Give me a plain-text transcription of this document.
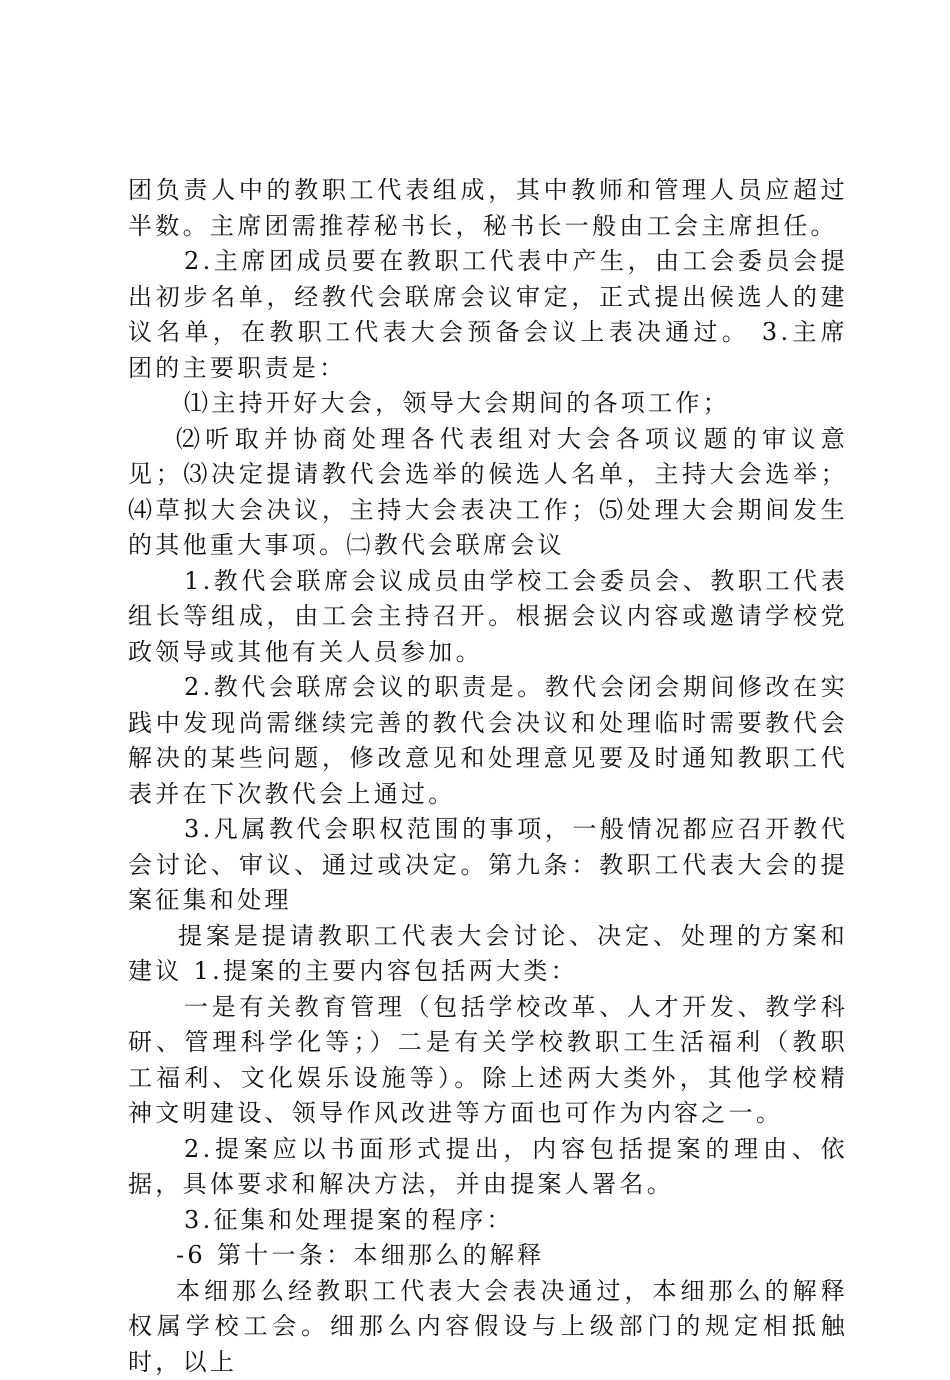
团负责人中的教职工代表组成，其中教师和管理人员应超过半数。主席团需推荐秘书长，秘书长一般由工会主席担任。

2.主席团成员要在教职工代表中产生，由工会委员会提出初步名单，经教代会联席会议审定，正式提出候选人的建议名单，在教职工代表大会预备会议上表决通过。 3.主席团的主要职责是：

⑴主持开好大会，领导大会期间的各项工作；

⑵听取并协商处理各代表组对大会各项议题的审议意见；⑶决定提请教代会选举的候选人名单，主持大会选举；⑷草拟大会决议，主持大会表决工作；⑸处理大会期间发生的其他重大事项。㈡教代会联席会议

1.教代会联席会议成员由学校工会委员会、教职工代表组长等组成，由工会主持召开。根据会议内容或邀请学校党政领导或其他有关人员参加。

2.教代会联席会议的职责是。教代会闭会期间修改在实践中发现尚需继续完善的教代会决议和处理临时需要教代会解决的某些问题，修改意见和处理意见要及时通知教职工代表并在下次教代会上通过。

3.凡属教代会职权范围的事项，一般情况都应召开教代会讨论、审议、通过或决定。第九条：教职工代表大会的提案征集和处理

提案是提请教职工代表大会讨论、决定、处理的方案和建议 1.提案的主要内容包括两大类：

一是有关教育管理（包括学校改革、人才开发、教学科研、管理科学化等；）二是有关学校教职工生活福利（教职工福利、文化娱乐设施等）。除上述两大类外，其他学校精神文明建设、领导作风改进等方面也可作为内容之一。

2.提案应以书面形式提出，内容包括提案的理由、依据，具体要求和解决方法，并由提案人署名。

3.征集和处理提案的程序：

-6 第十一条：本细那么的解释

本细那么经教职工代表大会表决通过，本细那么的解释权属学校工会。细那么内容假设与上级部门的规定相抵触时，以上
